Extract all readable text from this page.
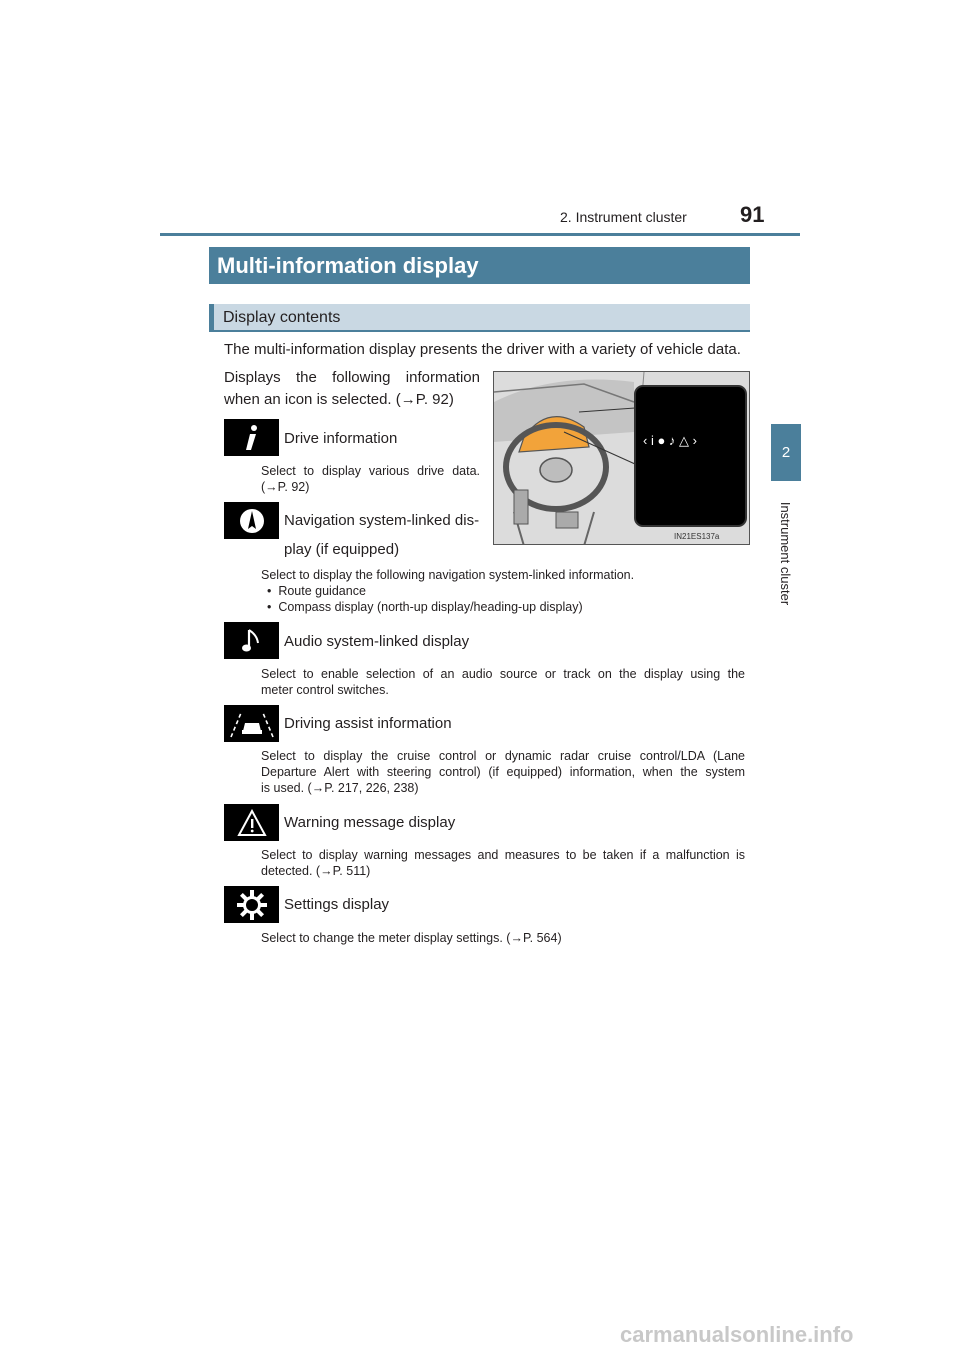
2. Instrument cluster 91
2
Instrument cluster
Multi-information display
Display contents
The multi-information display presents the driver with a variety of vehicle data.
Displays the following information
when an icon is selected. (→P. 92)
IN21ES137a
‹ i ● ♪ △ ›
Drive information
Select to display various drive data.
(→P. 92)
Navigation system-linked dis-
play (if equipped)
Select to display the following navigation system-linked information.
•  Route guidance
•  Compass display (north-up display/heading-up display)
Audio system-linked display
Select to enable selection of an audio source or track on the display using the
meter control switches.
Driving assist information
Select to display the cruise control or dynamic radar cruise control/LDA (Lane
Departure Alert with steering control) (if equipped) information, when the system
is used. (→P. 217, 226, 238)
Warning message display
Select to display warning messages and measures to be taken if a malfunction is
detected. (→P. 511)
Settings display
Select to change the meter display settings. (→P. 564)
carmanualsonline.info
